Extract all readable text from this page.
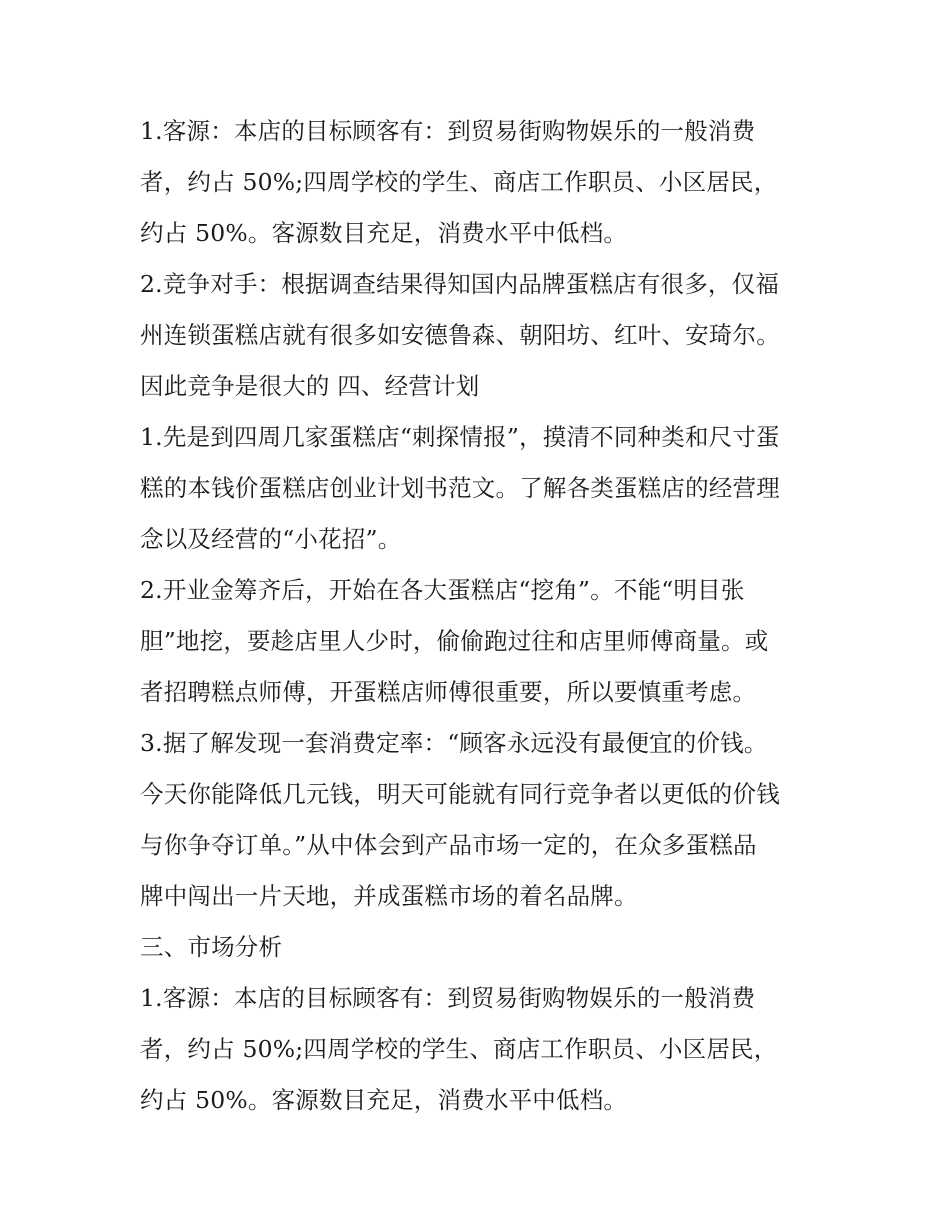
1.客源：本店的目标顾客有：到贸易街购物娱乐的一般消费
者，约占 50%;四周学校的学生、商店工作职员、小区居民，
约占 50%。客源数目充足，消费水平中低档。
2.竞争对手：根据调查结果得知国内品牌蛋糕店有很多，仅福
州连锁蛋糕店就有很多如安德鲁森、朝阳坊、红叶、安琦尔。
因此竞争是很大的 四、经营计划
1.先是到四周几家蛋糕店“刺探情报”，摸清不同种类和尺寸蛋
糕的本钱价蛋糕店创业计划书范文。了解各类蛋糕店的经营理
念以及经营的“小花招”。
2.开业金筹齐后，开始在各大蛋糕店“挖角”。不能“明目张
胆”地挖，要趁店里人少时，偷偷跑过往和店里师傅商量。或
者招聘糕点师傅，开蛋糕店师傅很重要，所以要慎重考虑。
3.据了解发现一套消费定率：“顾客永远没有最便宜的价钱。
今天你能降低几元钱，明天可能就有同行竞争者以更低的价钱
与你争夺订单。”从中体会到产品市场一定的，在众多蛋糕品
牌中闯出一片天地，并成蛋糕市场的着名品牌。
三、市场分析
1.客源：本店的目标顾客有：到贸易街购物娱乐的一般消费
者，约占 50%;四周学校的学生、商店工作职员、小区居民，
约占 50%。客源数目充足，消费水平中低档。
